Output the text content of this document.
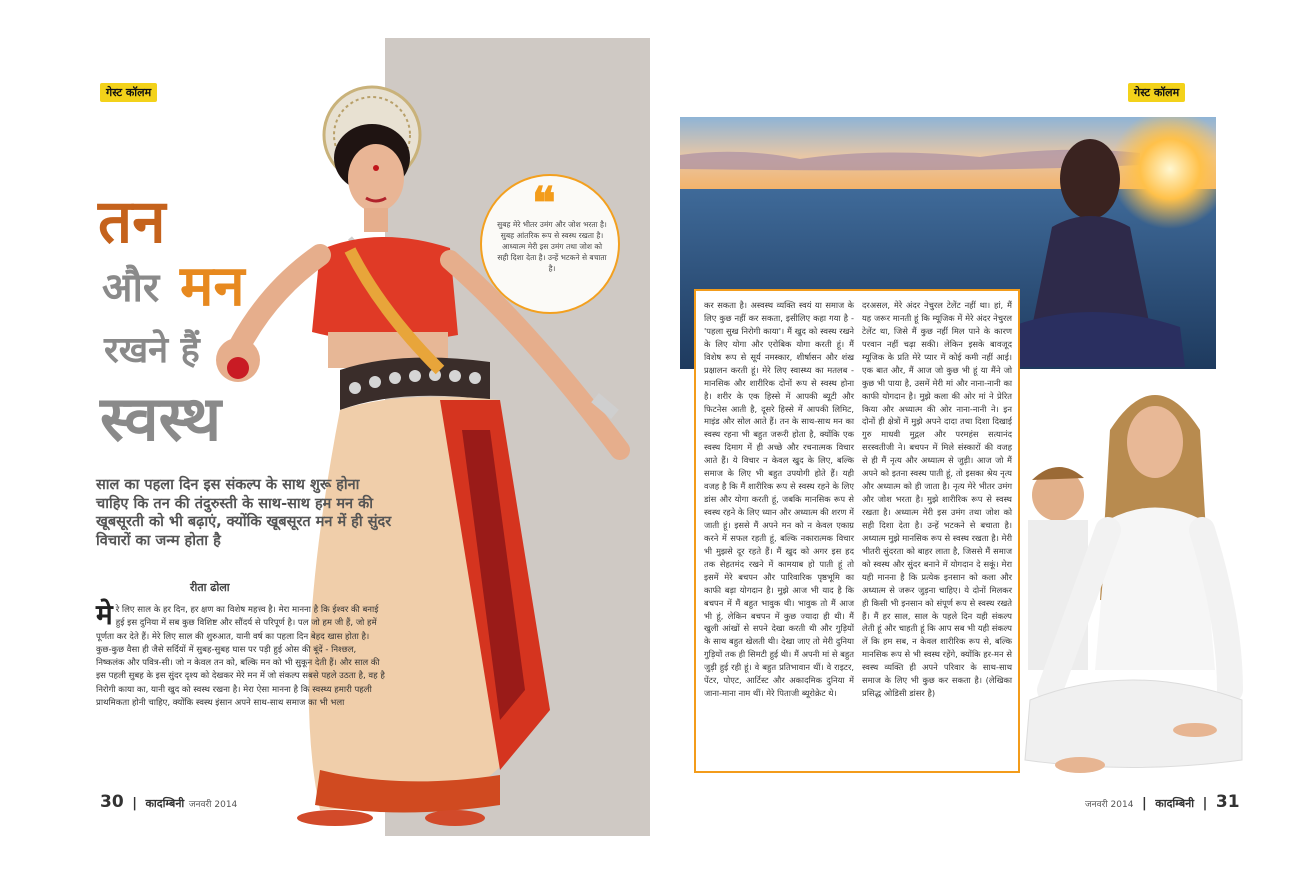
गेस्ट कॉलम
तन
और मन
रखने हैं
स्वस्थ
साल का पहला दिन इस संकल्प के साथ शुरू होना चाहिए कि तन की तंदुरुस्ती के साथ-साथ हम मन की खूबसूरती को भी बढ़ाएं, क्योंकि खूबसूरत मन में ही सुंदर विचारों का जन्म होता है
रीता ढोला
मे रे लिए साल के हर दिन, हर क्षण का विशेष महत्त्व है। मेरा मानना है कि ईश्वर की बनाई हुई इस दुनिया में सब कुछ विशिष्ट और सौंदर्य से परिपूर्ण है। पल जो हम जी हैं, जो हमें पूर्णता कर देते हैं। मेरे लिए साल की शुरुआत, यानी वर्ष का पहला दिन बेहद खास होता है। कुछ-कुछ वैसा ही जैसे सर्दियों में सुबह-सुबह घास पर पड़ी हुई ओस की बूंदें - निश्छल, निष्कलंक और पवित्र-सी। जो न केवल तन को, बल्कि मन को भी सुकून देती हैं। और साल की इस पहली सुबह के इस सुंदर दृश्य को देखकर मेरे मन में जो संकल्प सबसे पहले उठता है, वह है निरोगी काया का, यानी खुद को स्वस्थ रखना है। मेरा ऐसा मानना है कि स्वस्थ्य हमारी पहली प्राथमिकता होनी चाहिए, क्योंकि स्वस्थ इंसान अपने साथ-साथ समाज का भी भला
❝
सुबह मेरे भीतर उमंग और जोश भरता है। सुबह आंतरिक रूप से स्वस्थ रखता है। आध्यात्म मेरी इस उमंग तथा जोश को सही दिशा देता है। उन्हें भटकने से बचाता है।
30 | कादम्बिनी जनवरी 2014
गेस्ट कॉलम
कर सकता है। अस्वस्थ व्यक्ति स्वयं या समाज के लिए कुछ नहीं कर सकता, इसीलिए कहा गया है - 'पहला सुख निरोगी काया'। मैं खुद को स्वस्थ रखने के लिए योगा और एरोबिक योगा करती हूं। मैं विशेष रूप से सूर्य नमस्कार, शीर्षासन और शंख प्रक्षालन करती हूं। मेरे लिए स्वास्थ्य का मतलब - मानसिक और शारीरिक दोनों रूप से स्वस्थ होना है। शरीर के एक हिस्से में आपकी ब्यूटी और फिटनेस आती है, दूसरे हिस्से में आपकी लिमिट, माइंड और सोल आते हैं। तन के साथ-साथ मन का स्वस्थ रहना भी बहुत जरूरी होता है, क्योंकि एक स्वस्थ दिमाग में ही अच्छे और रचनात्मक विचार आते हैं। ये विचार न केवल खुद के लिए, बल्कि समाज के लिए भी बहुत उपयोगी होते हैं। यही वजह है कि मैं शारीरिक रूप से स्वस्थ रहने के लिए डांस और योगा करती हूं, जबकि मानसिक रूप से स्वस्थ रहने के लिए ध्यान और अध्यात्म की शरण में जाती हूं। इससे मैं अपने मन को न केवल एकाग्र करने में सफल रहती हूं, बल्कि नकारात्मक विचार भी मुझसे दूर रहते हैं। मैं खुद को अगर इस हद तक सेहतमंद रखने में कामयाब हो पाती हूं तो इसमें मेरे बचपन और पारिवारिक पृष्ठभूमि का काफी बड़ा योगदान है। मुझे आज भी याद है कि बचपन में मैं बहुत भावुक थी। भावुक तो मैं आज भी हूं, लेकिन बचपन में कुछ ज्यादा ही थी। मैं खुली आंखों से सपने देखा करती थी और गुड़ियों के साथ बहुत खेलती थी। देखा जाए तो मेरी दुनिया गुड़ियों तक ही सिमटी हुई थी। मैं अपनी मां से बहुत जुड़ी हुई रही हूं। वे बहुत प्रतिभावान थीं। वे राइटर, पेंटर, पोएट, आर्टिस्ट और अकादमिक दुनिया में जाना-माना नाम थीं। मेरे पिताजी ब्यूरोक्रेट थे।
दरअसल, मेरे अंदर नेचुरल टेलेंट नहीं था। हां, मैं यह जरूर मानती हूं कि म्यूजिक में मेरे अंदर नेचुरल टेलेंट था, जिसे मैं कुछ नहीं मिल पाने के कारण परवान नहीं चढ़ा सकी। लेकिन इसके बावजूद म्यूजिक के प्रति मेरे प्यार में कोई कमी नहीं आई। एक बात और, मैं आज जो कुछ भी हूं या मैंने जो कुछ भी पाया है, उसमें मेरी मां और नाना-नानी का काफी योगदान है। मुझे कला की ओर मां ने प्रेरित किया और अध्यात्म की ओर नाना-नानी ने। इन दोनों ही क्षेत्रों में मुझे अपने दादा तथा दिशा दिखाई गुरु माधवी मुद्गल और परमहंस सत्यानंद सरस्वतीजी ने। बचपन में मिले संस्कारों की वजह से ही मैं नृत्य और अध्यात्म से जुड़ी। आज जो मैं अपने को इतना स्वस्थ पाती हूं, तो इसका श्रेय नृत्य और अध्यात्म को ही जाता है। नृत्य मेरे भीतर उमंग और जोश भरता है। मुझे शारीरिक रूप से स्वस्थ रखता है। अध्यात्म मेरी इस उमंग तथा जोश को सही दिशा देता है। उन्हें भटकने से बचाता है। अध्यात्म मुझे मानसिक रूप से स्वस्थ रखता है। मेरी भीतरी सुंदरता को बाहर लाता है, जिससे मैं समाज को स्वस्थ और सुंदर बनाने में योगदान दे सकूं। मेरा यही मानना है कि प्रत्येक इनसान को कला और अध्यात्म से जरूर जुड़ना चाहिए। ये दोनों मिलकर ही किसी भी इनसान को संपूर्ण रूप से स्वस्थ रखते हैं। मैं हर साल, साल के पहले दिन यही संकल्प लेती हूं और चाहती हूं कि आप सब भी यही संकल्प लें कि हम सब, न केवल शारीरिक रूप से, बल्कि मानसिक रूप से भी स्वस्थ रहेंगे, क्योंकि हर-मन से स्वस्थ व्यक्ति ही अपने परिवार के साथ-साथ समाज के लिए भी कुछ कर सकता है। (लेखिका प्रसिद्ध ओडिसी डांसर है)
जनवरी 2014 | कादम्बिनी | 31
